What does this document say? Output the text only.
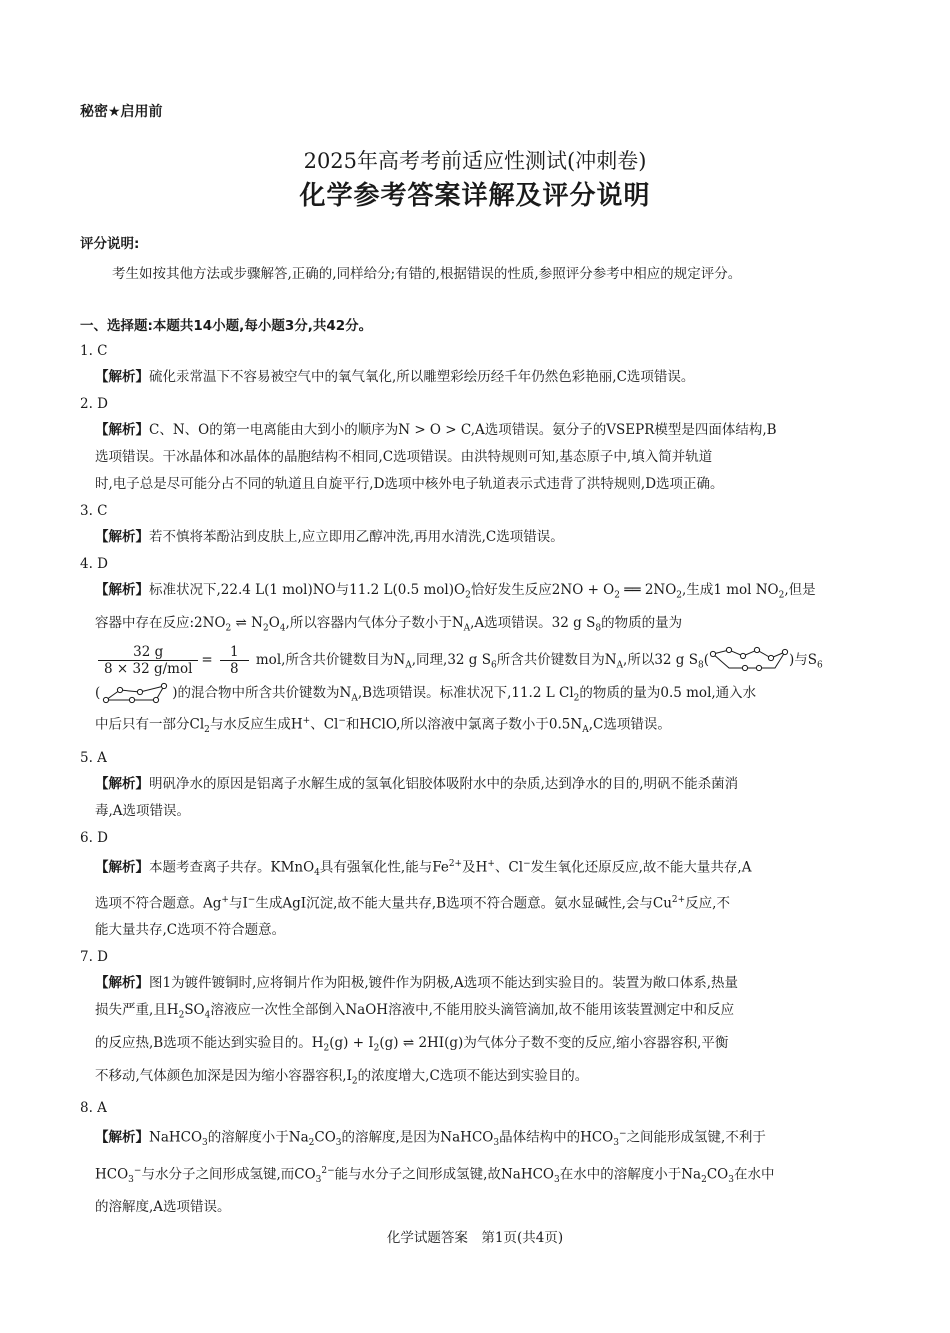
秘密★启用前
2025年高考考前适应性测试(冲刺卷)
化学参考答案详解及评分说明
评分说明:
考生如按其他方法或步骤解答,正确的,同样给分;有错的,根据错误的性质,参照评分参考中相应的规定评分。
一、选择题:本题共14小题,每小题3分,共42分。
1. C
【解析】硫化汞常温下不容易被空气中的氧气氧化,所以雕塑彩绘历经千年仍然色彩艳丽,C选项错误。
2. D
【解析】C、N、O的第一电离能由大到小的顺序为N > O > C,A选项错误。氨分子的VSEPR模型是四面体结构,B
选项错误。干冰晶体和冰晶体的晶胞结构不相同,C选项错误。由洪特规则可知,基态原子中,填入简并轨道
时,电子总是尽可能分占不同的轨道且自旋平行,D选项中核外电子轨道表示式违背了洪特规则,D选项正确。
3. C
【解析】若不慎将苯酚沾到皮肤上,应立即用乙醇冲洗,再用水清洗,C选项错误。
4. D
【解析】标准状况下,22.4 L(1 mol)NO与11.2 L(0.5 $mol)O_2$恰好发生反应$2NO + O_2$ ══ $2NO_2$,生成1 mol $NO_2$,但是
容器中存在反应$:2NO_2$ ⇌ $N_2O_4$,所以容器内气体分子数小于$N_A,A$选项错误。32 g $S_8$的物质的量为
$\frac{32 g}{\text{8 × 32 g/mol}} = \frac{1}{8}$ mol,所含共价键数目为$N_A$,同理,32 g $S_6$所含共价键数目为$N_A$,所以32 g $S_8$(	)与$S_6$
(	)的混合物中所含共价键数为$N_A,B$选项错误。标准状况下,11.2 L $Cl_2$的物质的量为0.5 mol,通入水
中后只有一部分$Cl_2$与水反应生成H+、Cl−和HClO,所以溶液中氯离子数小于$0.5N_A,C$选项错误。
5. A
【解析】明矾净水的原因是铝离子水解生成的氢氧化铝胶体吸附水中的杂质,达到净水的目的,明矾不能杀菌消
毒,A选项错误。
6. D
【解析】本题考查离子共存。KMnO$_4$具有强氧化性,能与$Fe^{2+}$及H+、Cl−发生氧化还原反应,故不能大量共存,A
选项不符合题意。Ag+与I−生成AgI沉淀,故不能大量共存,B选项不符合题意。氨水显碱性,会与$Cu^{2+}$反应,不
能大量共存,C选项不符合题意。
7. D
【解析】图1为镀件镀铜时,应将铜片作为阳极,镀件作为阴极,A选项不能达到实验目的。装置为敞口体系,热量
损失严重,且$H_2SO_4$溶液应一次性全部倒入NaOH溶液中,不能用胶头滴管滴加,故不能用该装置测定中和反应
的反应热,B选项不能达到实验目的。$H_2(g) + I_2(g)$ ⇌ 2HI(g)为气体分子数不变的反应,缩小容器容积,平衡
不移动,气体颜色加深是因为缩小容器容积$,I_2$的浓度增大,C选项不能达到实验目的。
8. A
【解析】NaHCO$_3$的溶解度小于$Na_2CO_3$的溶解度,是因为NaHCO$_3$晶体结构中的$HCO_3^-$之间能形成氢键,不利于
$HCO_3^-$与水分子之间形成氢键,而$CO_3^{2-}$能与水分子之间形成氢键,故NaHCO$_3$在水中的溶解度小于$Na_2CO_3$在水中
的溶解度,A选项错误。
化学试题答案　第1页(共4页)
